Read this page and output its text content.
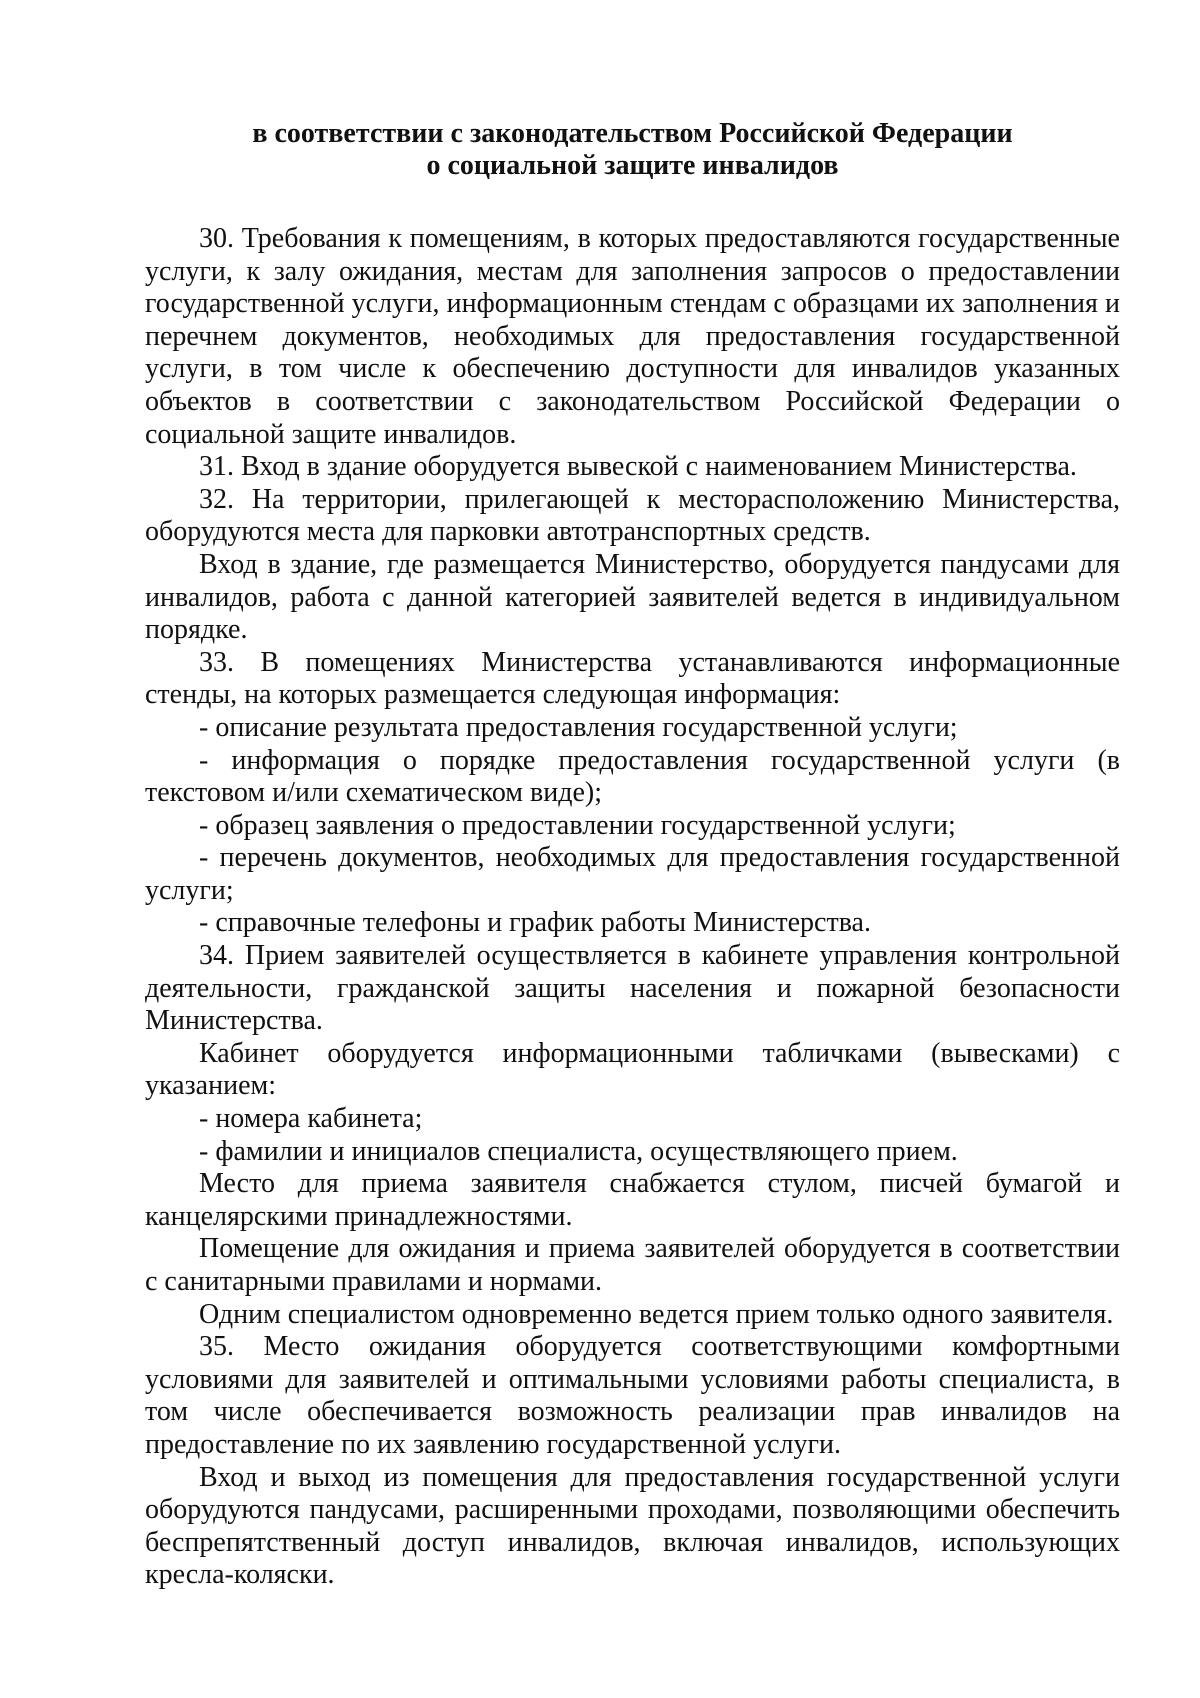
в соответствии с законодательством Российской Федерации
о социальной защите инвалидов

30. Требования к помещениям, в которых предоставляются государственные услуги, к залу ожидания, местам для заполнения запросов о предоставлении государственной услуги, информационным стендам с образцами их заполнения и перечнем документов, необходимых для предоставления государственной услуги, в том числе к обеспечению доступности для инвалидов указанных объектов в соответствии с законодательством Российской Федерации о социальной защите инвалидов.

31. Вход в здание оборудуется вывеской с наименованием Министерства.

32. На территории, прилегающей к месторасположению Министерства, оборудуются места для парковки автотранспортных средств.

Вход в здание, где размещается Министерство, оборудуется пандусами для инвалидов, работа с данной категорией заявителей ведется в индивидуальном порядке.

33. В помещениях Министерства устанавливаются информационные стенды, на которых размещается следующая информация:

- описание результата предоставления государственной услуги;

- информация о порядке предоставления государственной услуги (в текстовом и/или схематическом виде);

- образец заявления о предоставлении государственной услуги;

- перечень документов, необходимых для предоставления государственной услуги;

- справочные телефоны и график работы Министерства.

34. Прием заявителей осуществляется в кабинете управления контрольной деятельности, гражданской защиты населения и пожарной безопасности Министерства.

Кабинет оборудуется информационными табличками (вывесками) с указанием:

- номера кабинета;

- фамилии и инициалов специалиста, осуществляющего прием.

Место для приема заявителя снабжается стулом, писчей бумагой и канцелярскими принадлежностями.

Помещение для ожидания и приема заявителей оборудуется в соответствии с санитарными правилами и нормами.

Одним специалистом одновременно ведется прием только одного заявителя.

35. Место ожидания оборудуется соответствующими комфортными условиями для заявителей и оптимальными условиями работы специалиста, в том числе обеспечивается возможность реализации прав инвалидов на предоставление по их заявлению государственной услуги.

Вход и выход из помещения для предоставления государственной услуги оборудуются пандусами, расширенными проходами, позволяющими обеспечить беспрепятственный доступ инвалидов, включая инвалидов, использующих кресла-коляски.
